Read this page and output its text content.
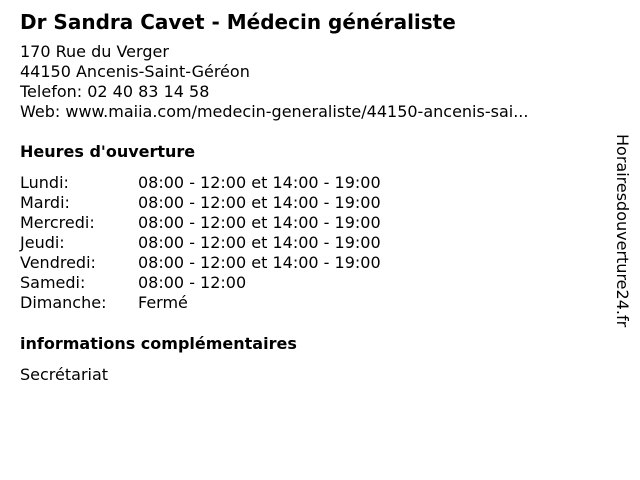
Dr Sandra Cavet - Médecin généraliste
170 Rue du Verger
44150 Ancenis-Saint-Géréon
Telefon: 02 40 83 14 58
Web: www.maiia.com/medecin-generaliste/44150-ancenis-sai...
Heures d'ouverture
Lundi:	08:00 - 12:00 et 14:00 - 19:00
Mardi:	08:00 - 12:00 et 14:00 - 19:00
Mercredi:	08:00 - 12:00 et 14:00 - 19:00
Jeudi:	08:00 - 12:00 et 14:00 - 19:00
Vendredi:	08:00 - 12:00 et 14:00 - 19:00
Samedi:	08:00 - 12:00
Dimanche:	Fermé
informations complémentaires
Secrétariat
Horairesdouverture24.fr
